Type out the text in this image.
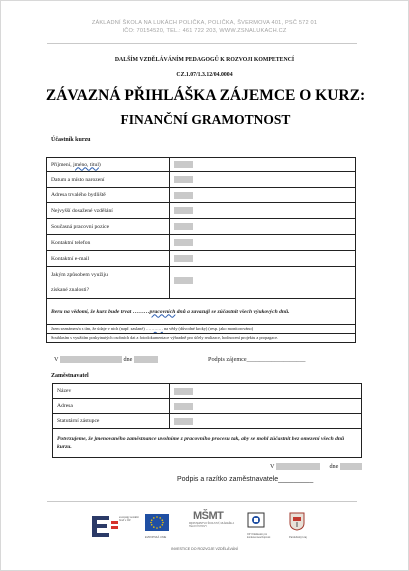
ZÁKLADNÍ ŠKOLA NA LUKÁCH POLIČKA, POLIČKA, ŠVERMOVA 401, PSČ 572 01
IČO: 70154520, TEL.: 461 722 203, WWW.ZSNALUKACH.CZ
DALŠÍM VZDĚLÁVÁNÍM PEDAGOGŮ K ROZVOJI KOMPETENCÍ
CZ.1.07/1.3.12/04.0004
ZÁVAZNÁ PŘIHLÁŠKA ZÁJEMCE O KURZ:
FINANČNÍ GRAMOTNOST
Účastník kurzu
Příjmení, jméno, titul)	
Datum a místo narození	
Adresa trvalého bydliště	
Nejvyšší dosažené vzdělání	
Současná pracovní pozice	
Kontaktní telefon	
Kontaktní e-mail	

Jakým způsobem využiju
získané znalosti?	

Beru na vědomí, že kurz bude trvat ………pracovních dnů a zavazuji se zúčastnit všech výukových dnů.	
Jsem seznámen/a s tím, že údaje v nich (např. zaslané) ………… na vědy (důvodné kroky) (resp. jako monitorováno)	
Souhlasím s využitím poskytnutých osobních dat a fotodokumentace výhradně pro účely realizace, hodnocení projektu a propagace.	
V	dne	Podpis zájemce___________________
Zaměstnavatel
Název	
Adresa	
Statutární zástupce	
Potvrzujeme, že jmenovaného zaměstnance uvolníme z pracovního procesu tak, aby se mohl zúčastnit bez omezení všech dnů kurzu.	
V	dne
Podpis a razítko zaměstnavatele_________
evropský sociální fond v ČR
EVROPSKÁ UNIE
MŠMT
MINISTERSTVO ŠKOLSTVÍ, MLÁDEŽE A TĚLOVÝCHOVY
OP Vzdělávání pro konkurenceschopnost	Pardubický kraj
INVESTICE DO ROZVOJE VZDĚLÁVÁNÍ
